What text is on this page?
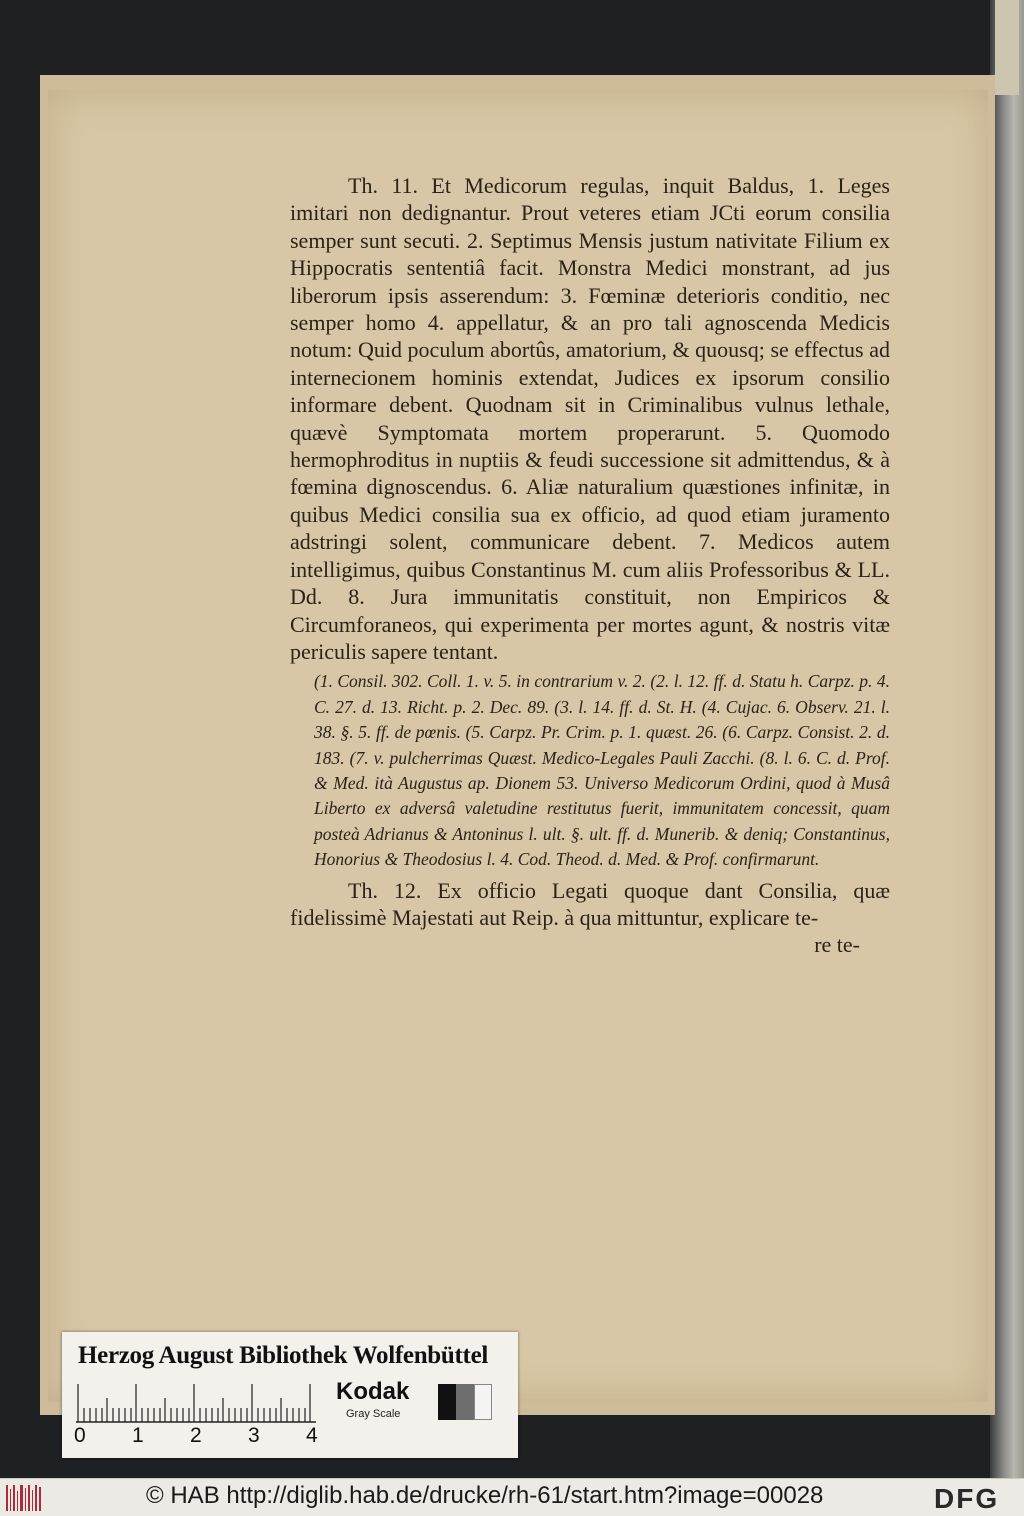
Th. 11. Et Medicorum regulas, inquit Baldus, 1. Leges imitari non dedignantur. Prout veteres etiam JCti eorum consilia semper sunt secuti. 2. Septimus Mensis justum nativitate Filium ex Hippocratis sententiâ facit. Monstra Medici monstrant, ad jus liberorum ipsis asserendum: 3. Fœminæ deterioris conditio, nec semper homo 4. appellatur, & an pro tali agnoscenda Medicis notum: Quid poculum abortûs, amatorium, & quousq; se effectus ad internecionem hominis extendat, Judices ex ipsorum consilio informare debent. Quodnam sit in Criminalibus vulnus lethale, quævè Symptomata mortem properarunt. 5. Quomodo hermophroditus in nuptiis & feudi successione sit admittendus, & à fœmina dignoscendus. 6. Aliæ naturalium quæstiones infinitæ, in quibus Medici consilia sua ex officio, ad quod etiam juramento adstringi solent, communicare debent. 7. Medicos autem intelligimus, quibus Constantinus M. cum aliis Professoribus & LL. Dd. 8. Jura immunitatis constituit, non Empiricos & Circumforaneos, qui experimenta per mortes agunt, & nostris vitæ periculis sapere tentant.

(1. Consil. 302. Coll. 1. v. 5. in contrarium v. 2. (2. l. 12. ff. d. Statu h. Carpz. p. 4. C. 27. d. 13. Richt. p. 2. Dec. 89. (3. l. 14. ff. d. St. H. (4. Cujac. 6. Observ. 21. l. 38. §. 5. ff. de pœnis. (5. Carpz. Pr. Crim. p. 1. quæst. 26. (6. Carpz. Consist. 2. d. 183. (7. v. pulcherrimas Quæst. Medico-Legales Pauli Zacchi. (8. l. 6. C. d. Prof. & Med. ità Augustus ap. Dionem 53. Universo Medicorum Ordini, quod à Musâ Liberto ex adversâ valetudine restitutus fuerit, immunitatem concessit, quam posteà Adrianus & Antoninus l. ult. §. ult. ff. d. Munerib. & deniq; Constantinus, Honorius & Theodosius l. 4. Cod. Theod. d. Med. & Prof. confirmarunt.

Th. 12. Ex officio Legati quoque dant Consilia, quæ fidelissimè Majestati aut Reip. à qua mittuntur, explicare te-

re te-
Herzog August Bibliothek Wolfenbüttel
0 1 2 3 4
Kodak
Gray Scale
© HAB http://diglib.hab.de/drucke/rh-61/start.htm?image=00028	DFG
